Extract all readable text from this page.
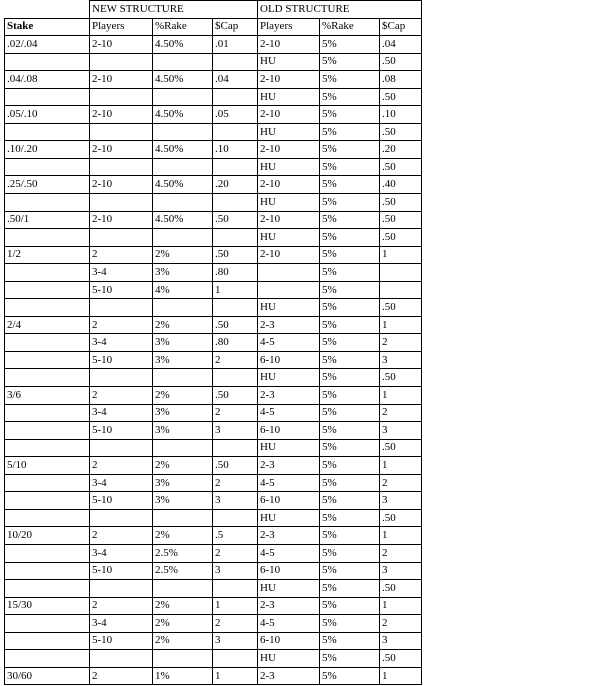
	NEW STRUCTURE			OLD STRUCTURE		
Stake	Players	%Rake	$Cap	Players	%Rake	$Cap
.02/.04	2-10	4.50%	.01	2-10	5%	.04
				HU	5%	.50
.04/.08	2-10	4.50%	.04	2-10	5%	.08
				HU	5%	.50
.05/.10	2-10	4.50%	.05	2-10	5%	.10
				HU	5%	.50
.10/.20	2-10	4.50%	.10	2-10	5%	.20
				HU	5%	.50
.25/.50	2-10	4.50%	.20	2-10	5%	.40
				HU	5%	.50
.50/1	2-10	4.50%	.50	2-10	5%	.50
				HU	5%	.50
1/2	2	2%	.50	2-10	5%	1
	3-4	3%	.80		5%	
	5-10	4%	1		5%	
				HU	5%	.50
2/4	2	2%	.50	2-3	5%	1
	3-4	3%	.80	4-5	5%	2
	5-10	3%	2	6-10	5%	3
				HU	5%	.50
3/6	2	2%	.50	2-3	5%	1
	3-4	3%	2	4-5	5%	2
	5-10	3%	3	6-10	5%	3
				HU	5%	.50
5/10	2	2%	.50	2-3	5%	1
	3-4	3%	2	4-5	5%	2
	5-10	3%	3	6-10	5%	3
				HU	5%	.50
10/20	2	2%	.5	2-3	5%	1
	3-4	2.5%	2	4-5	5%	2
	5-10	2.5%	3	6-10	5%	3
				HU	5%	.50
15/30	2	2%	1	2-3	5%	1
	3-4	2%	2	4-5	5%	2
	5-10	2%	3	6-10	5%	3
				HU	5%	.50
30/60	2	1%	1	2-3	5%	1
